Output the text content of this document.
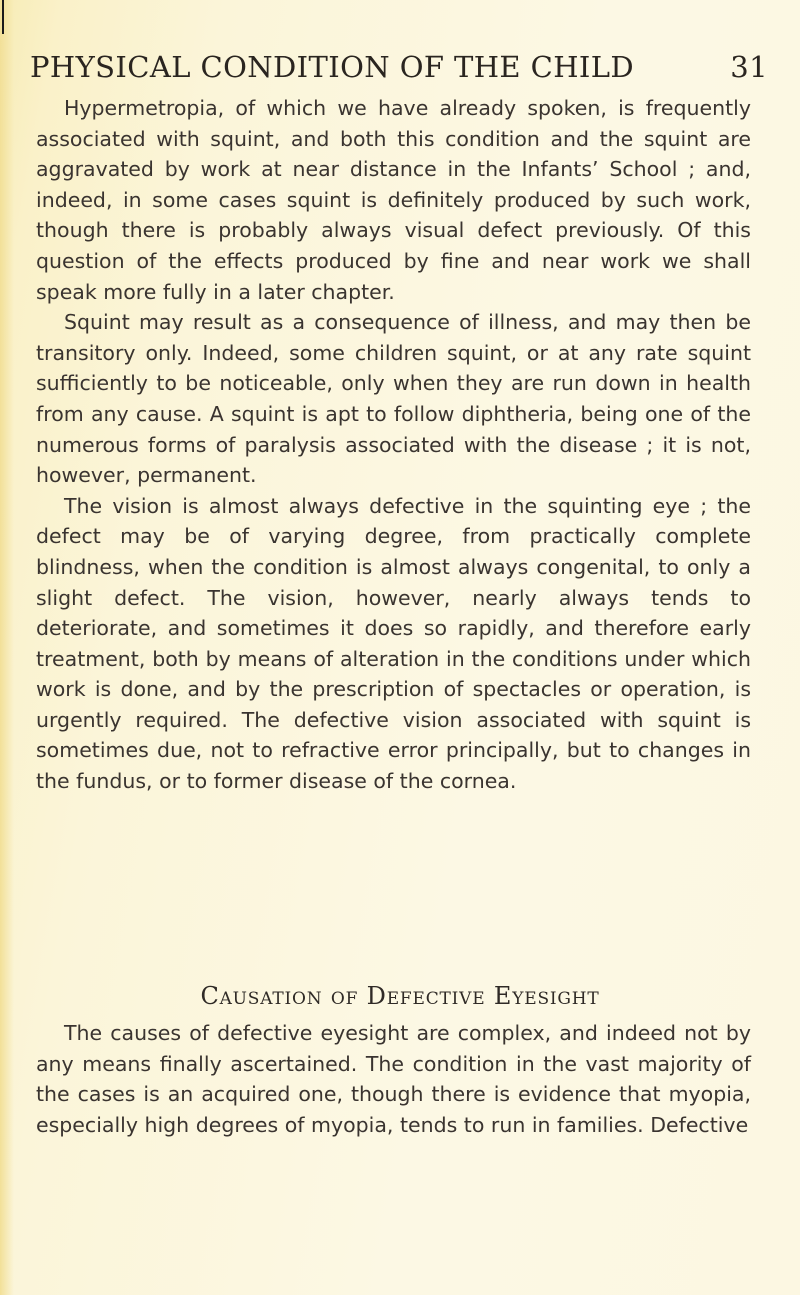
PHYSICAL CONDITION OF THE CHILD	31

Hypermetropia, of which we have already spoken, is frequently associated with squint, and both this condition and the squint are aggravated by work at near distance in the Infants’ School ; and, indeed, in some cases squint is definitely produced by such work, though there is probably always visual defect previously. Of this question of the effects produced by fine and near work we shall speak more fully in a later chapter.

Squint may result as a consequence of illness, and may then be transitory only. Indeed, some children squint, or at any rate squint sufficiently to be noticeable, only when they are run down in health from any cause. A squint is apt to follow diphtheria, being one of the numerous forms of paralysis associated with the disease ; it is not, however, permanent.

The vision is almost always defective in the squinting eye ; the defect may be of varying degree, from practically complete blindness, when the condition is almost always congenital, to only a slight defect. The vision, however, nearly always tends to deteriorate, and sometimes it does so rapidly, and therefore early treatment, both by means of alteration in the conditions under which work is done, and by the prescription of spectacles or operation, is urgently required. The defective vision associated with squint is sometimes due, not to refractive error principally, but to changes in the fundus, or to former disease of the cornea.

Causation of Defective Eyesight

The causes of defective eyesight are complex, and indeed not by any means finally ascertained. The condition in the vast majority of the cases is an acquired one, though there is evidence that myopia, especially high degrees of myopia, tends to run in families. Defective
